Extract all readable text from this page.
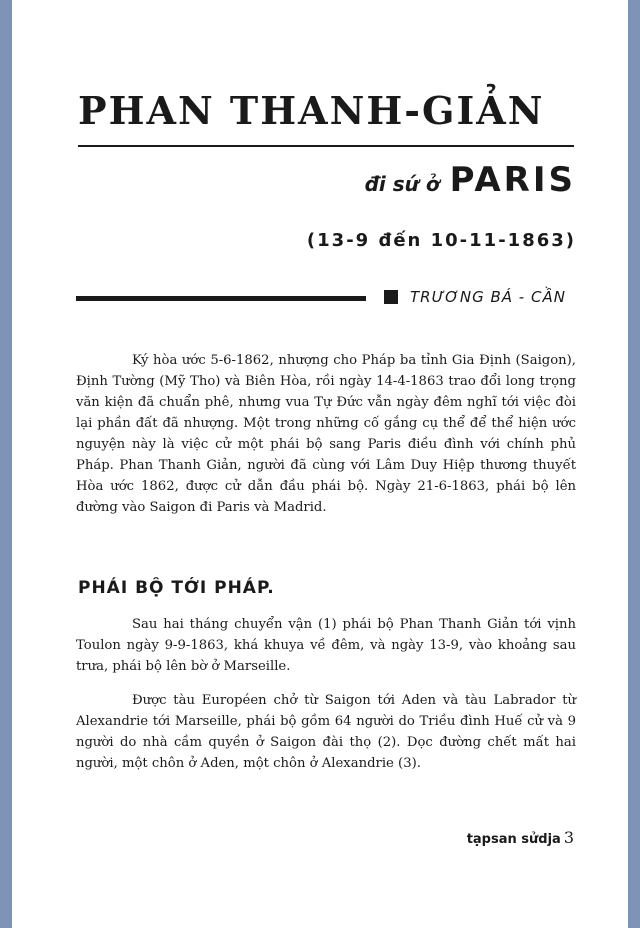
PHAN THANH-GIẢN
đi sứ ở PARIS
(13-9 đến 10-11-1863)
TRƯƠNG BÁ - CẦN

Ký hòa ước 5-6-1862, nhượng cho Pháp ba tỉnh Gia Định (Saigon), Định Tường (Mỹ Tho) và Biên Hòa, rồi ngày 14-4-1863 trao đổi long trọng văn kiện đã chuẩn phê, nhưng vua Tự Đức vẫn ngày đêm nghĩ tới việc đòi lại phần đất đã nhượng. Một trong những cố gắng cụ thể để thể hiện ước nguyện này là việc cử một phái bộ sang Paris điều đình với chính phủ Pháp. Phan Thanh Giản, người đã cùng với Lâm Duy Hiệp thương thuyết Hòa ước 1862, được cử dẫn đầu phái bộ. Ngày 21-6-1863, phái bộ lên đường vào Saigon đi Paris và Madrid.

PHÁI BỘ TỚI PHÁP.

Sau hai tháng chuyển vận (1) phái bộ Phan Thanh Giản tới vịnh Toulon ngày 9-9-1863, khá khuya về đêm, và ngày 13-9, vào khoảng sau trưa, phái bộ lên bờ ở Marseille.

Được tàu Européen chở từ Saigon tới Aden và tàu Labrador từ Alexandrie tới Marseille, phái bộ gồm 64 người do Triều đình Huế cử và 9 người do nhà cầm quyền ở Saigon đài thọ (2). Dọc đường chết mất hai người, một chôn ở Aden, một chôn ở Alexandrie (3).

tạpsan sửdja 3
